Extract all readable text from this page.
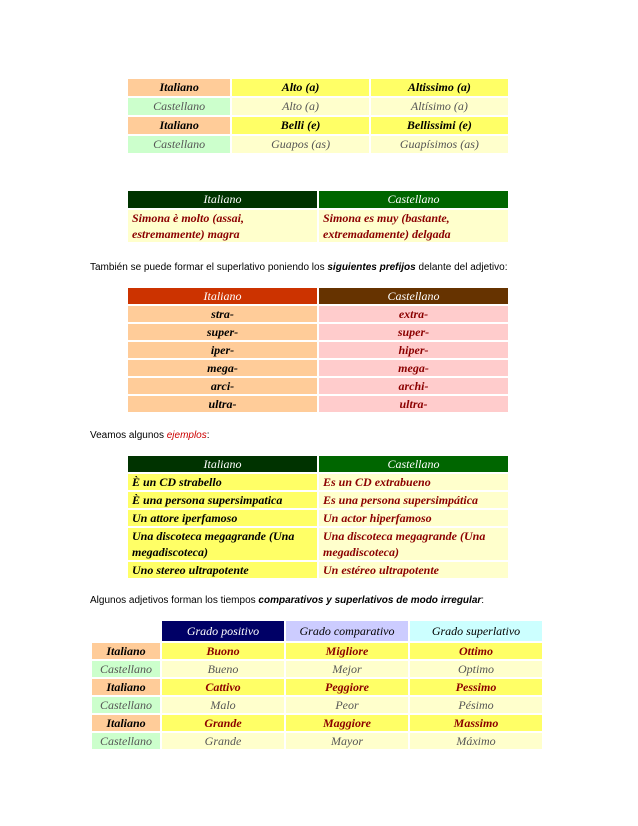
Italiano	Alto (a)	Altissimo (a)
Castellano	Alto (a)	Altísimo (a)
Italiano	Belli (e)	Bellissimi (e)
Castellano	Guapos (as)	Guapísimos (as)
Italiano	Castellano
Simona è molto (assai, estremamente) magra	Simona es muy (bastante, extremadamente) delgada
También se puede formar el superlativo poniendo los siguientes prefijos delante del adjetivo:
Italiano	Castellano
stra-	extra-
super-	super-
iper-	hiper-
mega-	mega-
arci-	archi-
ultra-	ultra-
Veamos algunos ejemplos:
Italiano	Castellano
È un CD strabello	Es un CD extrabueno
È una persona supersimpatica	Es una persona supersimpática
Un attore iperfamoso	Un actor hiperfamoso
Una discoteca megagrande (Una megadiscoteca)	Una discoteca megagrande (Una megadiscoteca)
Uno stereo ultrapotente	Un estéreo ultrapotente
Algunos adjetivos forman los tiempos comparativos y superlativos de modo irregular:
	Grado positivo	Grado comparativo	Grado superlativo
Italiano	Buono	Migliore	Ottimo
Castellano	Bueno	Mejor	Optimo
Italiano	Cattivo	Peggiore	Pessimo
Castellano	Malo	Peor	Pésimo
Italiano	Grande	Maggiore	Massimo
Castellano	Grande	Mayor	Máximo
